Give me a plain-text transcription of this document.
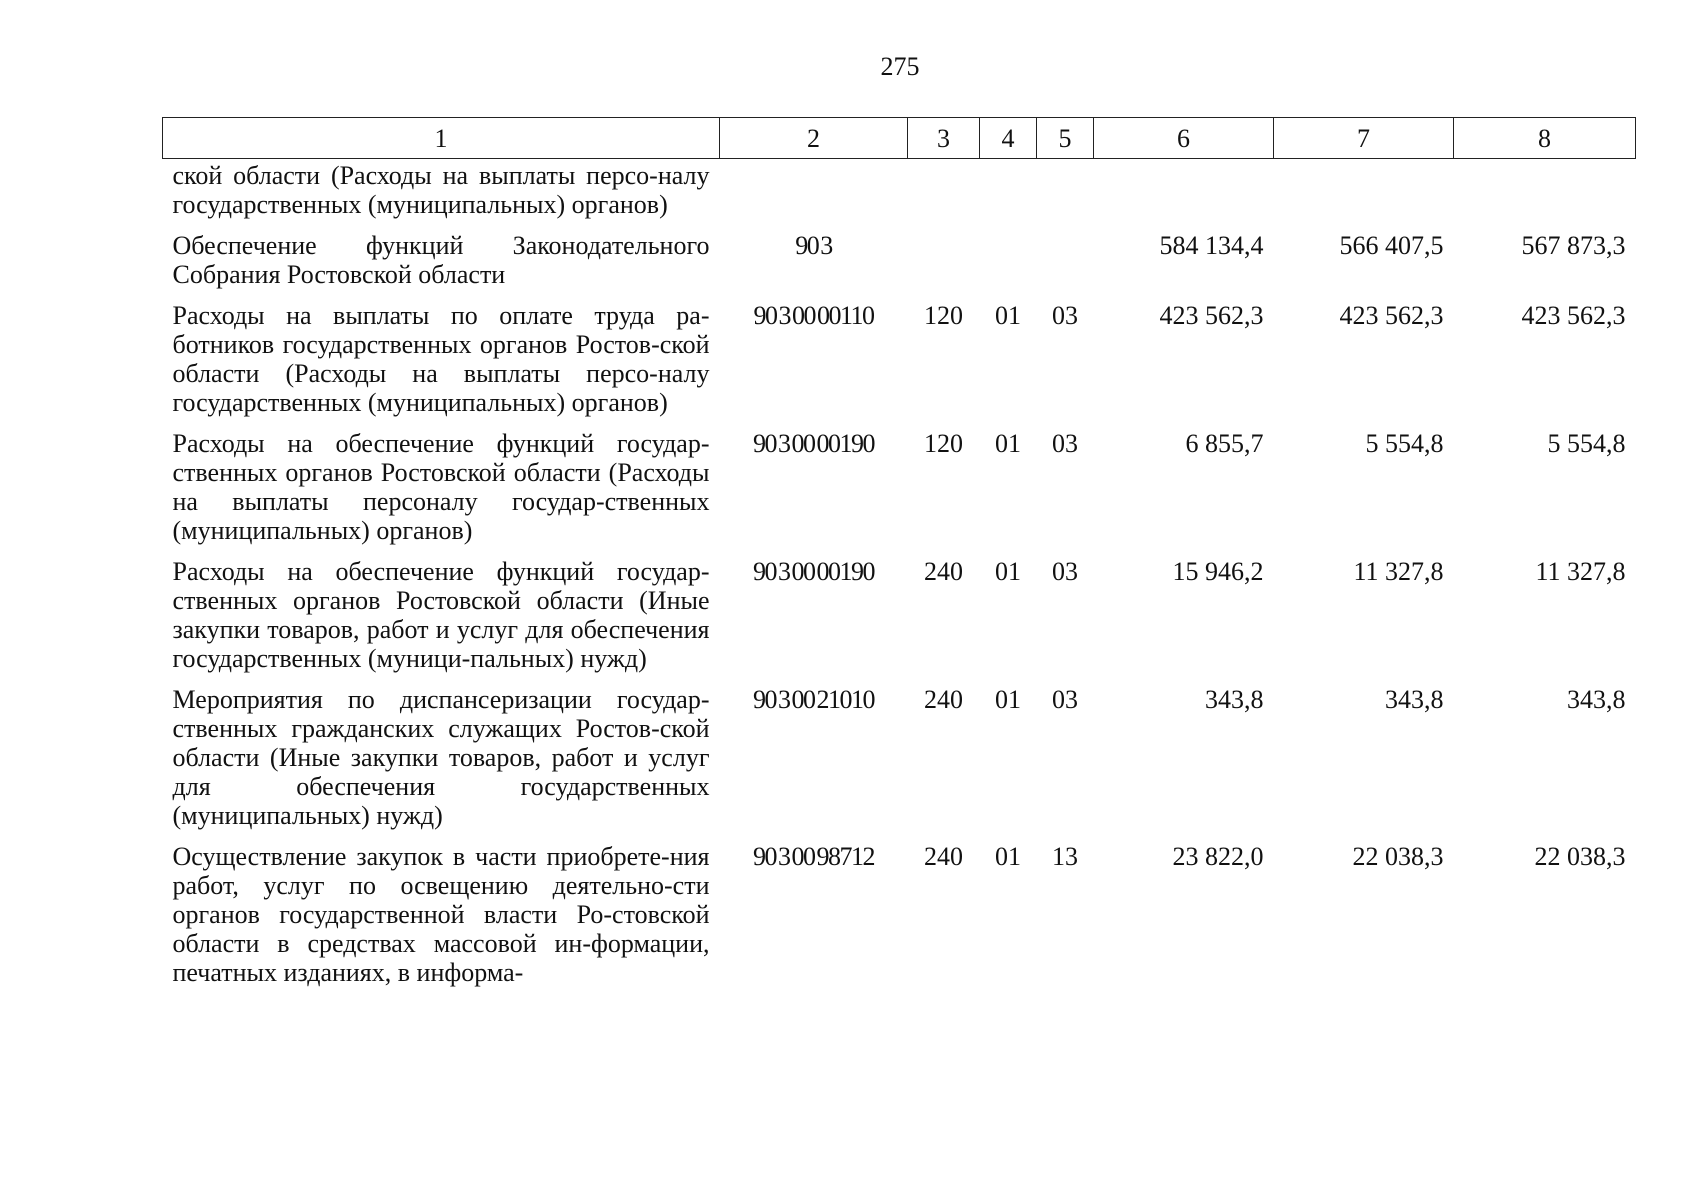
275
1	2	3	4	5	6	7	8
ской области (Расходы на выплаты персо-налу государственных (муниципальных) органов)							
Обеспечение функций Законодательного Собрания Ростовской области	90 3				584 134,4	566 407,5	567 873,3
Расходы на выплаты по оплате труда ра-ботников государственных органов Ростов-ской области (Расходы на выплаты персо-налу государственных (муниципальных) органов)	90 3 00 00110	120	01	03	423 562,3	423 562,3	423 562,3
Расходы на обеспечение функций государ-ственных органов Ростовской области (Расходы на выплаты персоналу государ-ственных (муниципальных) органов)	90 3 00 00190	120	01	03	6 855,7	5 554,8	5 554,8
Расходы на обеспечение функций государ-ственных органов Ростовской области (Иные закупки товаров, работ и услуг для обеспечения государственных (муници-пальных) нужд)	90 3 00 00190	240	01	03	15 946,2	11 327,8	11 327,8
Мероприятия по диспансеризации государ-ственных гражданских служащих Ростов-ской области (Иные закупки товаров, работ и услуг для обеспечения государственных (муниципальных) нужд)	90 3 00 21010	240	01	03	343,8	343,8	343,8
Осуществление закупок в части приобрете-ния работ, услуг по освещению деятельно-сти органов государственной власти Ро-стовской области в средствах массовой ин-формации, печатных изданиях, в информа-	90 3 00 98712	240	01	13	23 822,0	22 038,3	22 038,3
